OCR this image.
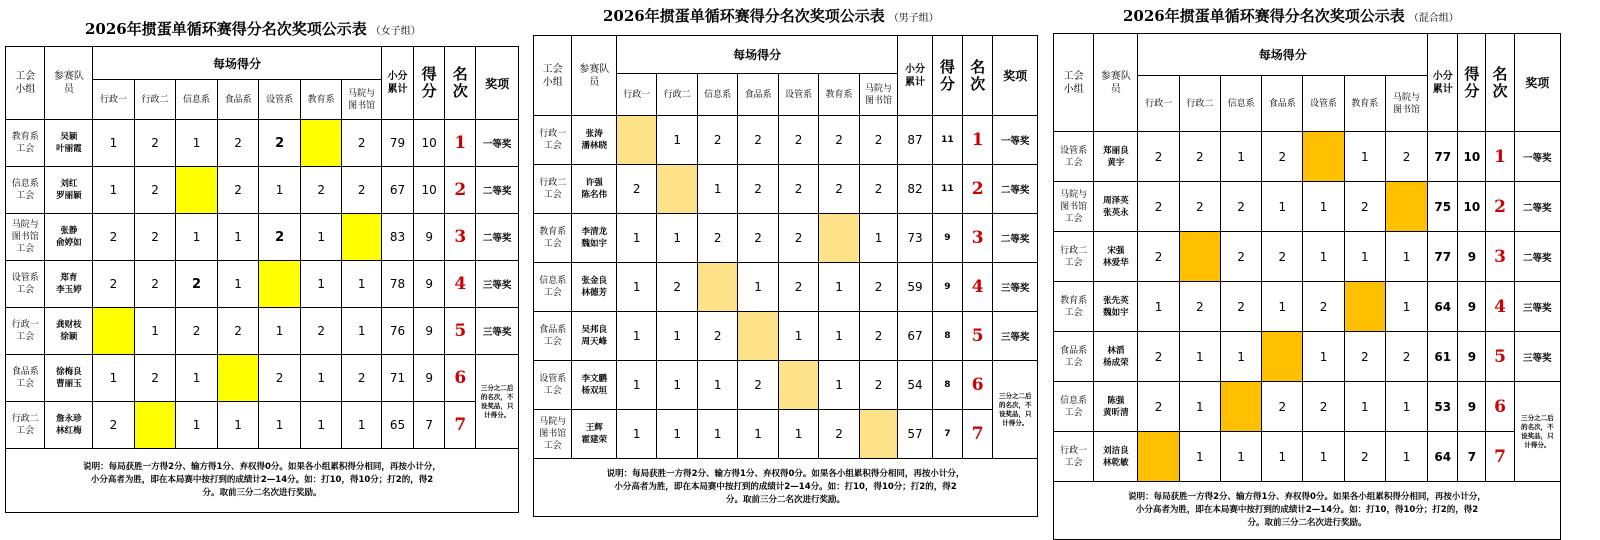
2026年掼蛋单循环赛得分名次奖项公示表 （女子组）
工会
小组	参赛队
员	每场得分							小分
累计	得
分	名
次	奖项
		行政一	行政二	信息系	食品系	设管系	教育系	马院与
图书馆				
教育系
工会	吴颖
叶丽霞	1	2	1	2	2		2	79	10	1	一等奖
信息系
工会	刘红
罗丽颖	1	2		2	1	2	2	67	10	2	二等奖
马院与
图书馆
工会	张静
俞婷如	2	2	1	1	2	1		83	9	3	二等奖
设管系
工会	郑育
李玉婷	2	2	2	1		1	1	78	9	4	三等奖
行政一
工会	龚财枝
徐颖		1	2	2	1	2	1	76	9	5	三等奖
食品系
工会	徐梅良
曹丽玉	1	2	1		2	1	2	71	9	6	三分之二后
的名次，不
设奖品，只
计得分。
行政二
工会	詹永珍
林红梅	2		1	1	1	1	1	65	7	7	
说明：每局获胜一方得2分、输方得1分、弃权得0分。如果各小组累积得分相同，再按小计分，
小分高者为胜，即在本局赛中按打到的成绩计2—14分。如：打10，得10分；打2的，得2
分。取前三分二名次进行奖励。												
2026年掼蛋单循环赛得分名次奖项公示表 （男子组）
工会
小组	参赛队
员	每场得分							小分
累计	得
分	名
次	奖项
		行政一	行政二	信息系	食品系	设管系	教育系	马院与
图书馆				
行政一
工会	张涛
潘林晓		1	2	2	2	2	2	87	11	1	一等奖
行政二
工会	许强
陈名伟	2		1	2	2	2	2	82	11	2	二等奖
教育系
工会	李清龙
魏如宇	1	1	2	2	2		1	73	9	3	二等奖
信息系
工会	张金良
林德芳	1	2		1	2	1	2	59	9	4	三等奖
食品系
工会	吴邦良
周天峰	1	1	2		1	1	2	67	8	5	三等奖
设管系
工会	李文鹏
杨双垣	1	1	1	2		1	2	54	8	6	三分之二后
的名次，不
设奖品，只
计得分。
马院与
图书馆
工会	王辉
霍建荣	1	1	1	1	1	2		57	7	7	
说明：每局获胜一方得2分、输方得1分、弃权得0分。如果各小组累积得分相同，再按小计分，
小分高者为胜，即在本局赛中按打到的成绩计2—14分。如：打10，得10分；打2的，得2
分。取前三分二名次进行奖励。												
2026年掼蛋单循环赛得分名次奖项公示表 （混合组）
工会
小组	参赛队
员	每场得分							小分
累计	得
分	名
次	奖项
		行政一	行政二	信息系	食品系	设管系	教育系	马院与
图书馆				
设管系
工会	郑丽良
黄宇	2	2	1	2		1	2	77	10	1	一等奖
马院与
图书馆
工会	周泽英
张英永	2	2	2	1	1	2		75	10	2	二等奖
行政二
工会	宋强
林爱华	2		2	2	1	1	1	77	9	3	二等奖
教育系
工会	张先英
魏如宇	1	2	2	1	2		1	64	9	4	三等奖
食品系
工会	林滔
杨成荣	2	1	1		1	2	2	61	9	5	三等奖
信息系
工会	陈强
黄昕清	2	1		2	2	1	1	53	9	6	三分之二后
的名次，不
设奖品，只
计得分。
行政一
工会	刘洁良
林乾敏		1	1	1	1	2	1	64	7	7	
说明：每局获胜一方得2分、输方得1分、弃权得0分。如果各小组累积得分相同，再按小计分，
小分高者为胜，即在本局赛中按打到的成绩计2—14分。如：打10，得10分；打2的，得2
分。取前三分二名次进行奖励。												
